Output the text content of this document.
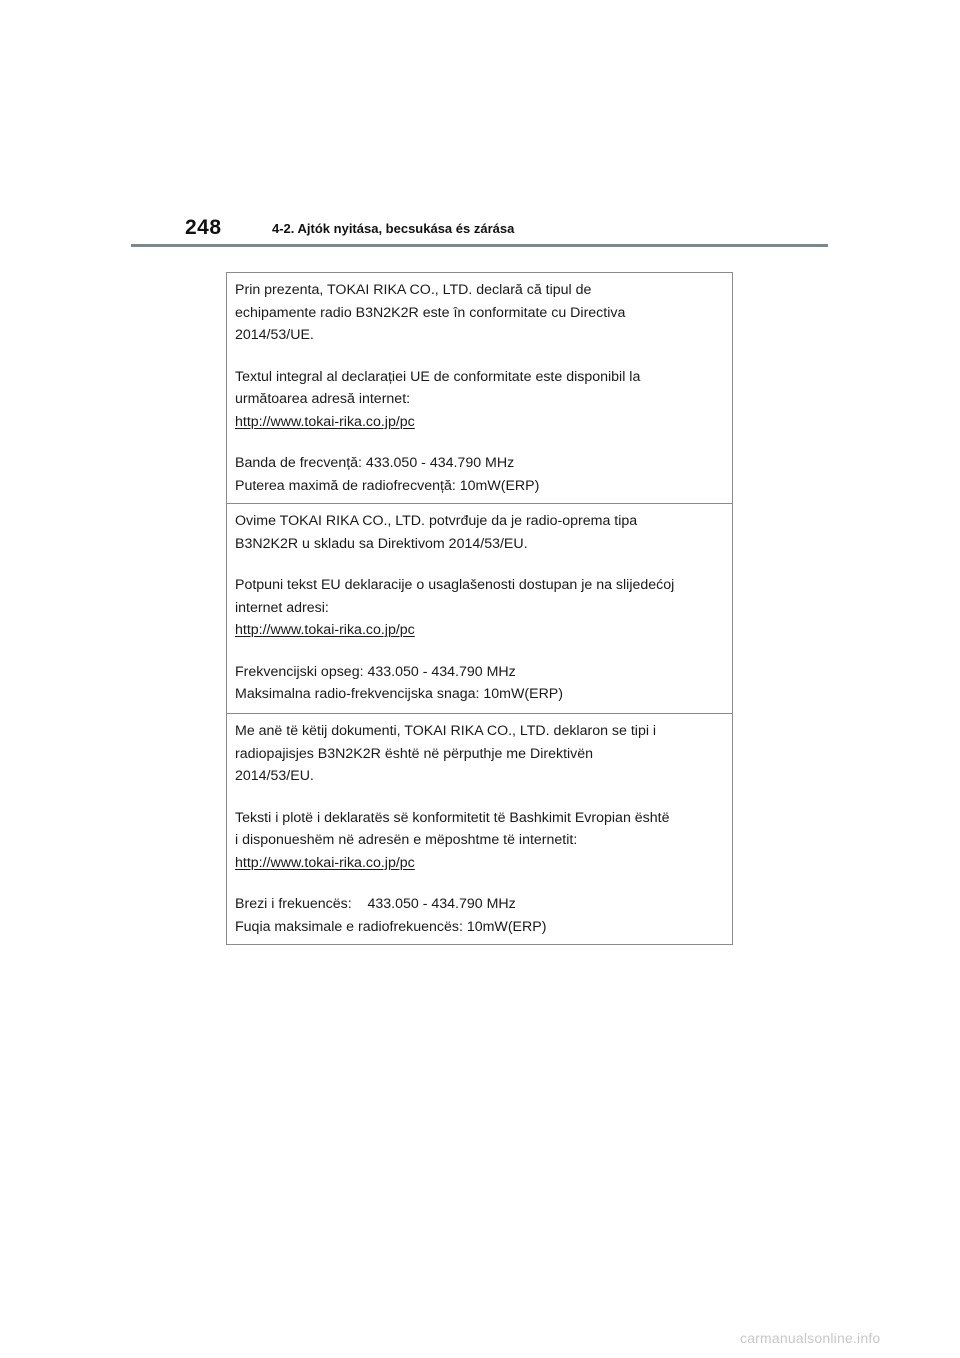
248	4-2. Ajtók nyitása, becsukása és zárása

Prin prezenta, TOKAI RIKA CO., LTD. declară că tipul de

echipamente radio B3N2K2R este în conformitate cu Directiva

2014/53/UE.

Textul integral al declarației UE de conformitate este disponibil la

următoarea adresă internet:

http://www.tokai-rika.co.jp/pc

Banda de frecvență: 433.050 - 434.790 MHz

Puterea maximă de radiofrecvență: 10mW(ERP)

Ovime TOKAI RIKA CO., LTD. potvrđuje da je radio-oprema tipa

B3N2K2R u skladu sa Direktivom 2014/53/EU.

Potpuni tekst EU deklaracije o usaglašenosti dostupan je na slijedećoj

internet adresi:

http://www.tokai-rika.co.jp/pc

Frekvencijski opseg: 433.050 - 434.790 MHz

Maksimalna radio-frekvencijska snaga: 10mW(ERP)

Me anë të këtij dokumenti, TOKAI RIKA CO., LTD. deklaron se tipi i

radiopajisjes B3N2K2R është në përputhje me Direktivën

2014/53/EU.

Teksti i plotë i deklaratës së konformitetit të Bashkimit Evropian është

i disponueshëm në adresën e mëposhtme të internetit:

http://www.tokai-rika.co.jp/pc

Brezi i frekuencës:    433.050 - 434.790 MHz

Fuqia maksimale e radiofrekuencës: 10mW(ERP)

carmanualsonline.info
